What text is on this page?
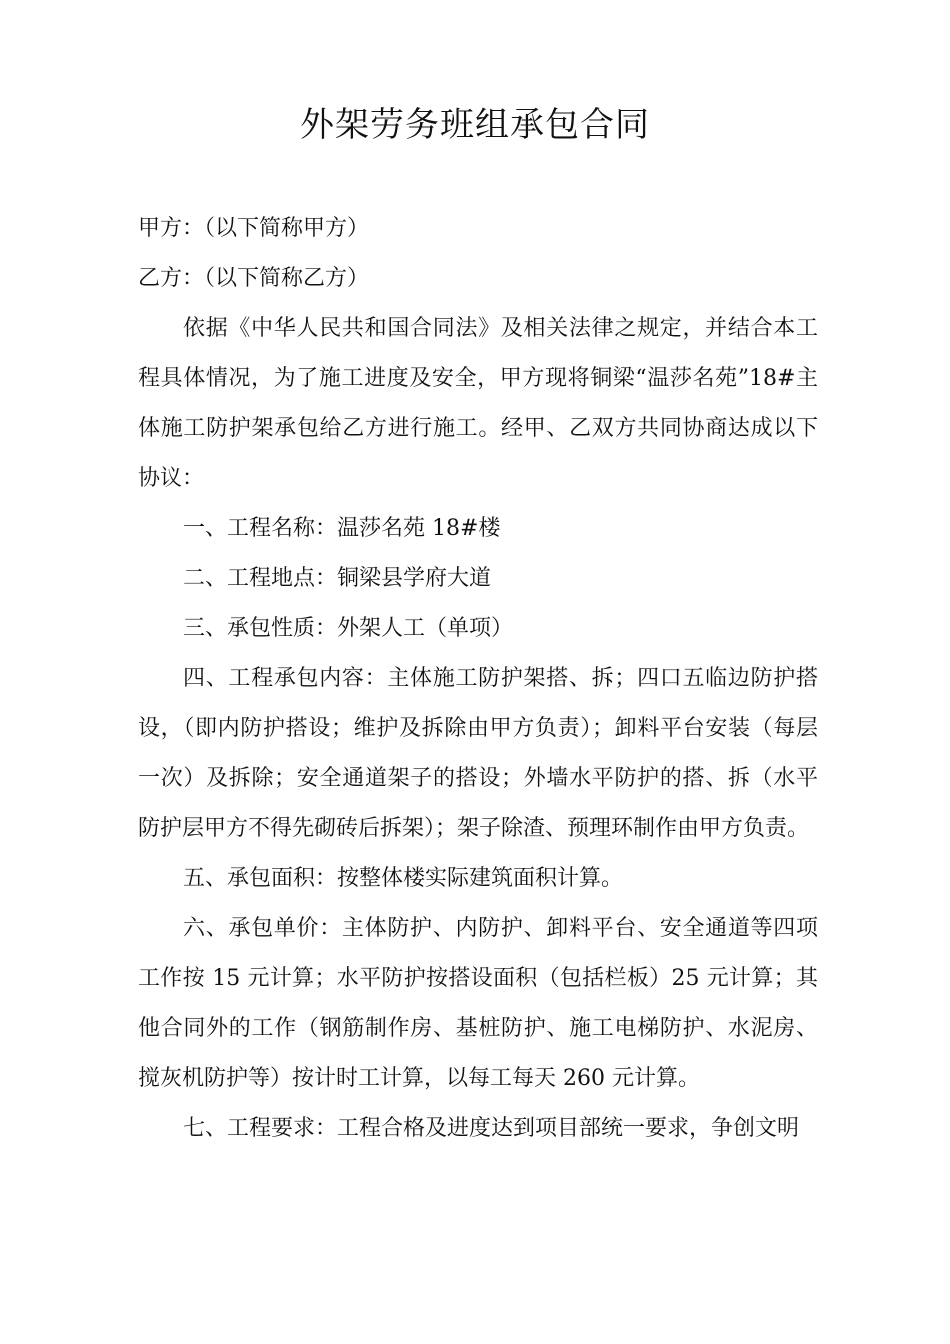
外架劳务班组承包合同

甲方：（以下简称甲方）

乙方：（以下简称乙方）

依据《中华人民共和国合同法》及相关法律之规定，并结合本工程具体情况，为了施工进度及安全，甲方现将铜梁“温莎名苑”18#主体施工防护架承包给乙方进行施工。经甲、乙双方共同协商达成以下协议：

一、工程名称：温莎名苑 18#楼

二、工程地点：铜梁县学府大道

三、承包性质：外架人工（单项）

四、工程承包内容：主体施工防护架搭、拆；四口五临边防护搭设，（即内防护搭设；维护及拆除由甲方负责）；卸料平台安装（每层一次）及拆除；安全通道架子的搭设；外墙水平防护的搭、拆（水平防护层甲方不得先砌砖后拆架）；架子除渣、预理环制作由甲方负责。

五、承包面积：按整体楼实际建筑面积计算。

六、承包单价：主体防护、内防护、卸料平台、安全通道等四项工作按 15 元计算；水平防护按搭设面积（包括栏板）25 元计算；其他合同外的工作（钢筋制作房、基桩防护、施工电梯防护、水泥房、搅灰机防护等）按计时工计算，以每工每天 260 元计算。

七、工程要求：工程合格及进度达到项目部统一要求，争创文明
